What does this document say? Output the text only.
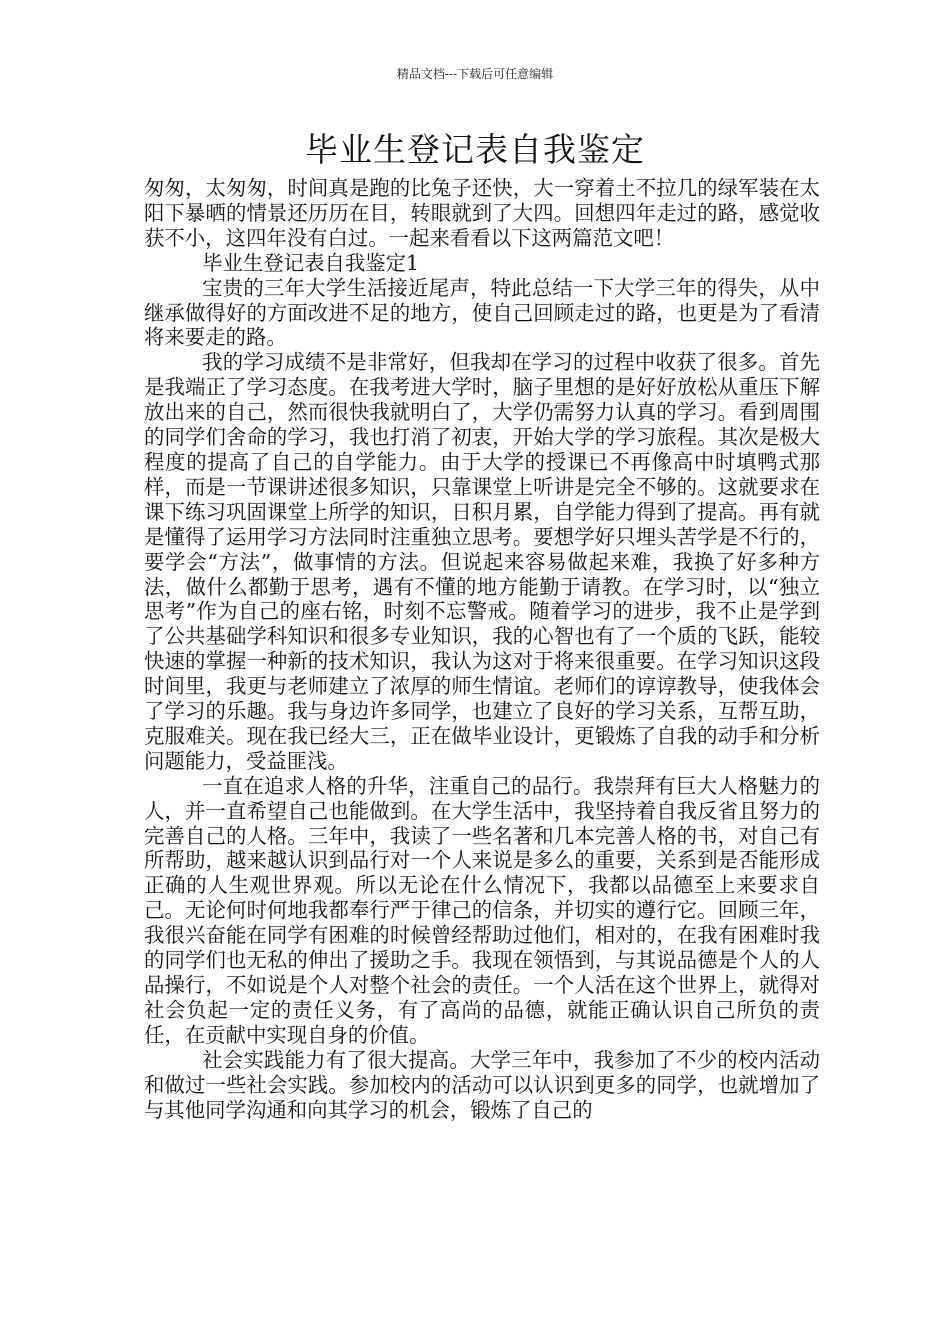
精品文档---下载后可任意编辑
毕业生登记表自我鉴定

匆匆，太匆匆，时间真是跑的比兔子还快，大一穿着土不拉几的绿军装在太阳下暴晒的情景还历历在目，转眼就到了大四。回想四年走过的路，感觉收获不小，这四年没有白过。一起来看看以下这两篇范文吧！

毕业生登记表自我鉴定1

宝贵的三年大学生活接近尾声，特此总结一下大学三年的得失，从中继承做得好的方面改进不足的地方，使自己回顾走过的路，也更是为了看清将来要走的路。

我的学习成绩不是非常好，但我却在学习的过程中收获了很多。首先是我端正了学习态度。在我考进大学时，脑子里想的是好好放松从重压下解放出来的自己，然而很快我就明白了，大学仍需努力认真的学习。看到周围的同学们舍命的学习，我也打消了初衷，开始大学的学习旅程。其次是极大程度的提高了自己的自学能力。由于大学的授课已不再像高中时填鸭式那样，而是一节课讲述很多知识，只靠课堂上听讲是完全不够的。这就要求在课下练习巩固课堂上所学的知识，日积月累，自学能力得到了提高。再有就是懂得了运用学习方法同时注重独立思考。要想学好只埋头苦学是不行的，要学会“方法”，做事情的方法。但说起来容易做起来难，我换了好多种方法，做什么都勤于思考，遇有不懂的地方能勤于请教。在学习时，以“独立思考”作为自己的座右铭，时刻不忘警戒。随着学习的进步，我不止是学到了公共基础学科知识和很多专业知识，我的心智也有了一个质的飞跃，能较快速的掌握一种新的技术知识，我认为这对于将来很重要。在学习知识这段时间里，我更与老师建立了浓厚的师生情谊。老师们的谆谆教导，使我体会了学习的乐趣。我与身边许多同学，也建立了良好的学习关系，互帮互助，克服难关。现在我已经大三，正在做毕业设计，更锻炼了自我的动手和分析问题能力，受益匪浅。

一直在追求人格的升华，注重自己的品行。我崇拜有巨大人格魅力的人，并一直希望自己也能做到。在大学生活中，我坚持着自我反省且努力的完善自己的人格。三年中，我读了一些名著和几本完善人格的书，对自己有所帮助，越来越认识到品行对一个人来说是多么的重要，关系到是否能形成正确的人生观世界观。所以无论在什么情况下，我都以品德至上来要求自己。无论何时何地我都奉行严于律己的信条，并切实的遵行它。回顾三年，我很兴奋能在同学有困难的时候曾经帮助过他们，相对的，在我有困难时我的同学们也无私的伸出了援助之手。我现在领悟到，与其说品德是个人的人品操行，不如说是个人对整个社会的责任。一个人活在这个世界上，就得对社会负起一定的责任义务，有了高尚的品德，就能正确认识自己所负的责任，在贡献中实现自身的价值。

社会实践能力有了很大提高。大学三年中，我参加了不少的校内活动和做过一些社会实践。参加校内的活动可以认识到更多的同学，也就增加了与其他同学沟通和向其学习的机会，锻炼了自己的
